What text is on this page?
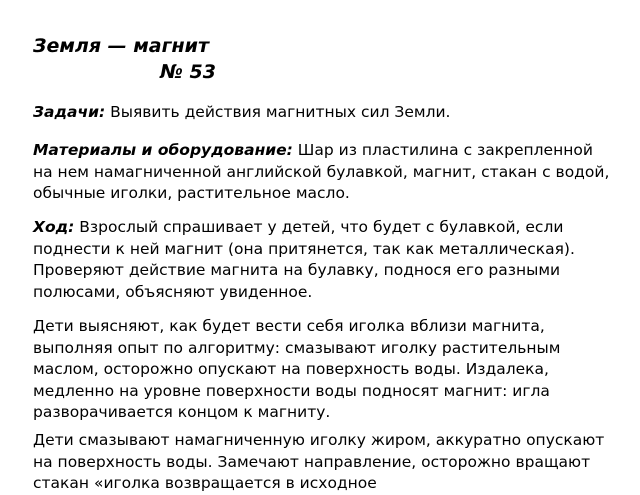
Земля — магнит
№ 53

Задачи: Выявить действия магнитных сил Земли.

Материалы и оборудование: Шар из пластилина с закрепленной на нем намагниченной английской булавкой, магнит, стакан с водой, обычные иголки, растительное масло.

Ход: Взрослый спрашивает у детей, что будет с булавкой, если поднести к ней магнит (она притянется, так как металлическая). Проверяют действие магнита на булавку, поднося его разными полюсами, объясняют увиденное.

Дети выясняют, как будет вести себя иголка вблизи магнита, выполняя опыт по алгоритму: смазывают иголку растительным маслом, осторожно опускают на поверхность воды. Издалека, медленно на уровне поверхности воды подносят магнит: игла разворачивается концом к магниту.

Дети смазывают намагниченную иголку жиром, аккуратно опускают на поверхность воды. Замечают направление, осторожно вращают стакан «иголка возвращается в исходное
